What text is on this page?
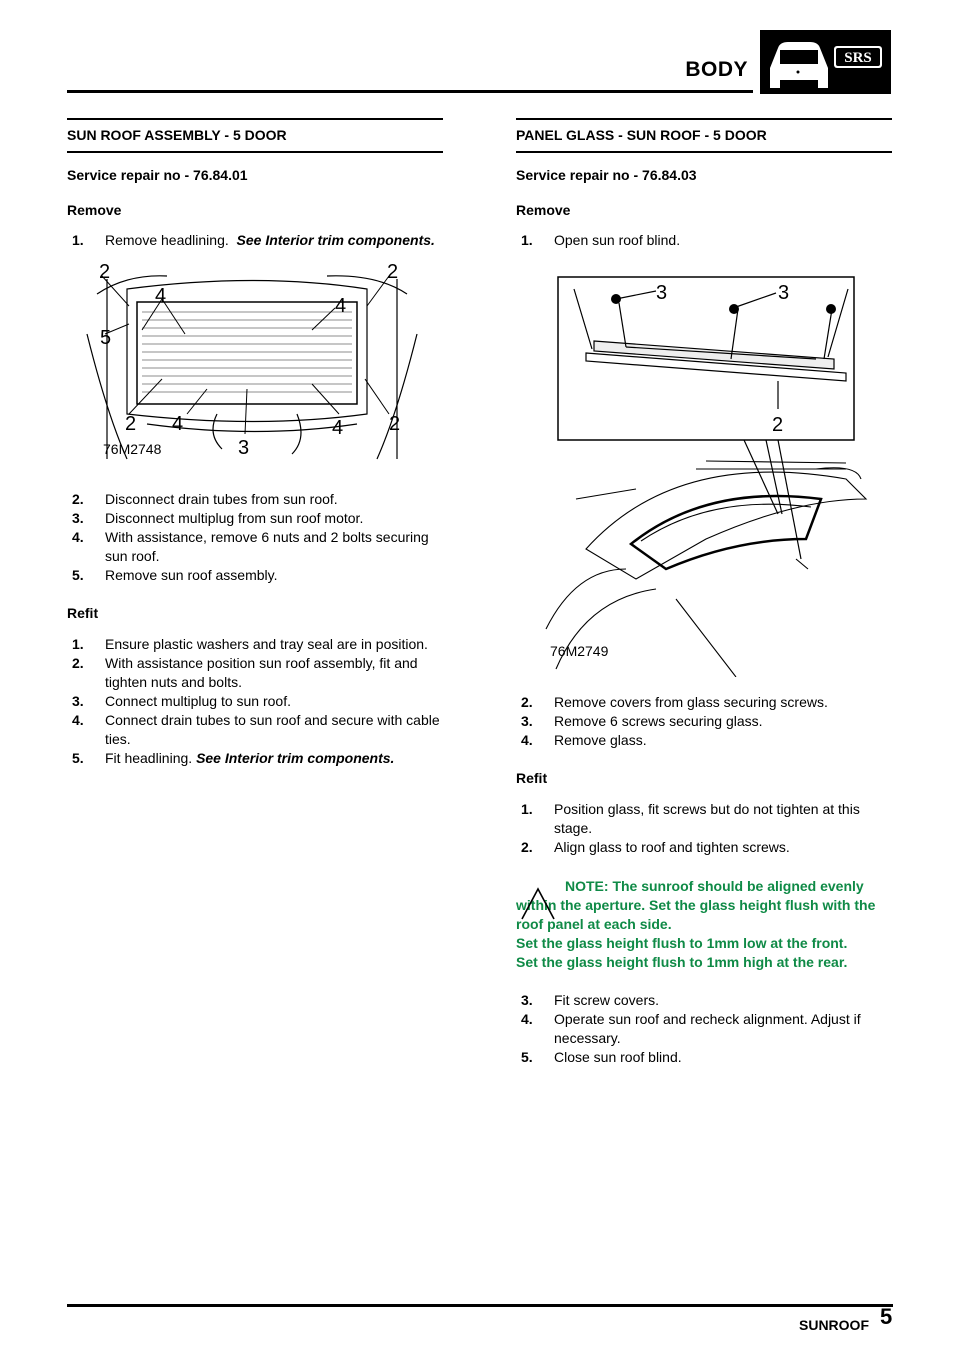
BODY	SRS
SUN ROOF ASSEMBLY - 5 DOOR

Service repair no - 76.84.01

Remove

1. Remove headlining. See Interior trim components.
2
4
5
2
4
2 4
3
4 2
76M2748
2. Disconnect drain tubes from sun roof.
3. Disconnect multiplug from sun roof motor.
4. With assistance, remove 6 nuts and 2 bolts securing sun roof.
5. Remove sun roof assembly.

Refit

1. Ensure plastic washers and tray seal are in position.
2. With assistance position sun roof assembly, fit and tighten nuts and bolts.
3. Connect multiplug to sun roof.
4. Connect drain tubes to sun roof and secure with cable ties.
5. Fit headlining. See Interior trim components.
PANEL GLASS - SUN ROOF - 5 DOOR

Service repair no - 76.84.03

Remove

1. Open sun roof blind.
3	3
2
76M2749
2. Remove covers from glass securing screws.
3. Remove 6 screws securing glass.
4. Remove glass.

Refit

1. Position glass, fit screws but do not tighten at this stage.
2. Align glass to roof and tighten screws.
NOTE: The sunroof should be aligned evenly within the aperture. Set the glass height flush with the roof panel at each side.
Set the glass height flush to 1mm low at the front.
Set the glass height flush to 1mm high at the rear.
3. Fit screw covers.
4. Operate sun roof and recheck alignment. Adjust if necessary.
5. Close sun roof blind.
SUNROOF 5
